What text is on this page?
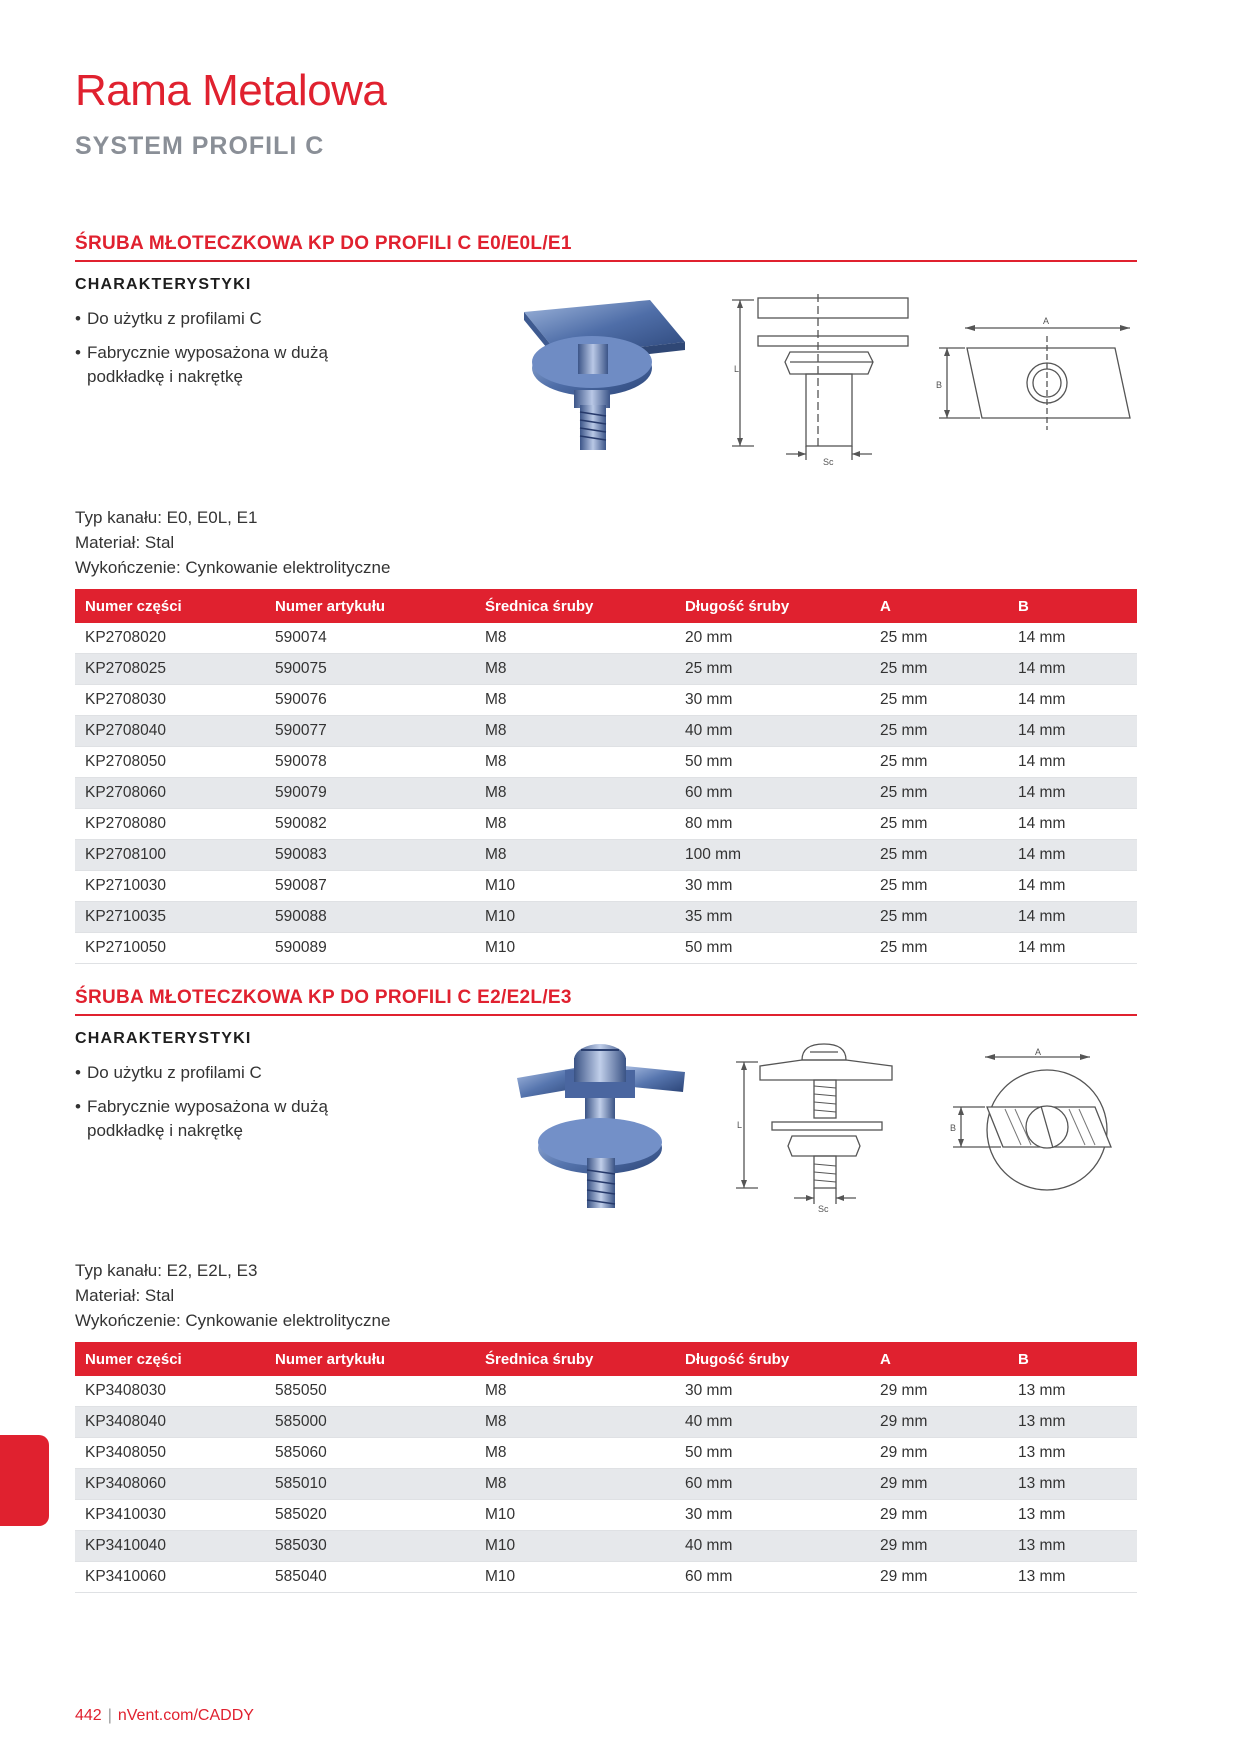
Rama Metalowa
SYSTEM PROFILI C
ŚRUBA MŁOTECZKOWA KP DO PROFILI C E0/E0L/E1
CHARAKTERYSTYKI
• Do użytku z profilami C
• Fabrycznie wyposażona w dużą podkładkę i nakrętkę	L
Sc
A
B
Typ kanału: E0, E0L, E1
Materiał: Stal
Wykończenie: Cynkowanie elektrolityczne
Numer części	Numer artykułu	Średnica śruby	Długość śruby	A	B
KP2708020	590074	M8	20 mm	25 mm	14 mm
KP2708025	590075	M8	25 mm	25 mm	14 mm
KP2708030	590076	M8	30 mm	25 mm	14 mm
KP2708040	590077	M8	40 mm	25 mm	14 mm
KP2708050	590078	M8	50 mm	25 mm	14 mm
KP2708060	590079	M8	60 mm	25 mm	14 mm
KP2708080	590082	M8	80 mm	25 mm	14 mm
KP2708100	590083	M8	100 mm	25 mm	14 mm
KP2710030	590087	M10	30 mm	25 mm	14 mm
KP2710035	590088	M10	35 mm	25 mm	14 mm
KP2710050	590089	M10	50 mm	25 mm	14 mm
ŚRUBA MŁOTECZKOWA KP DO PROFILI C E2/E2L/E3
CHARAKTERYSTYKI
• Do użytku z profilami C
• Fabrycznie wyposażona w dużą podkładkę i nakrętkę	L
Sc
A
B
Typ kanału: E2, E2L, E3
Materiał: Stal
Wykończenie: Cynkowanie elektrolityczne
Numer części	Numer artykułu	Średnica śruby	Długość śruby	A	B
KP3408030	585050	M8	30 mm	29 mm	13 mm
KP3408040	585000	M8	40 mm	29 mm	13 mm
KP3408050	585060	M8	50 mm	29 mm	13 mm
KP3408060	585010	M8	60 mm	29 mm	13 mm
KP3410030	585020	M10	30 mm	29 mm	13 mm
KP3410040	585030	M10	40 mm	29 mm	13 mm
KP3410060	585040	M10	60 mm	29 mm	13 mm
442 | nVent.com/CADDY
